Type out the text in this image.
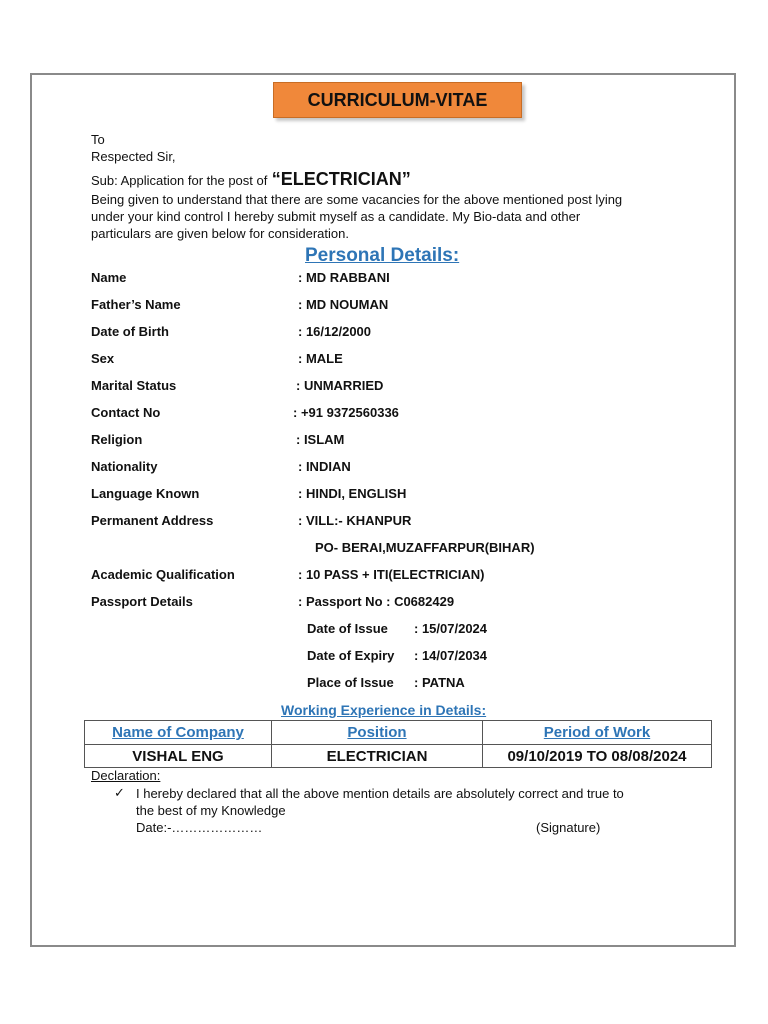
CURRICULUM-VITAE
To
Respected Sir,
Sub: Application for the post of “ELECTRICIAN”
Being given to understand that there are some vacancies for the above mentioned post lying
under your kind control I hereby submit myself as a candidate. My Bio-data and other
particulars are given below for consideration.
Personal Details:
Name	: MD RABBANI
Father’s Name	: MD NOUMAN
Date of Birth	: 16/12/2000
Sex	: MALE
Marital Status	: UNMARRIED
Contact No	: +91 9372560336
Religion	: ISLAM
Nationality	: INDIAN
Language Known	: HINDI, ENGLISH
Permanent Address	: VILL:- KHANPUR
PO- BERAI,MUZAFFARPUR(BIHAR)
Academic Qualification	: 10 PASS + ITI(ELECTRICIAN)
Passport Details	: Passport No : C0682429
Date of Issue : 15/07/2024
Date of Expiry : 14/07/2034
Place of Issue : PATNA
Working Experience in Details:
Name of Company	Position	Period of Work
VISHAL ENG	ELECTRICIAN	09/10/2019 TO 08/08/2024
Declaration:
✓ I hereby declared that all the above mention details are absolutely correct and true to
the best of my Knowledge
Date:-…………………	(Signature)
